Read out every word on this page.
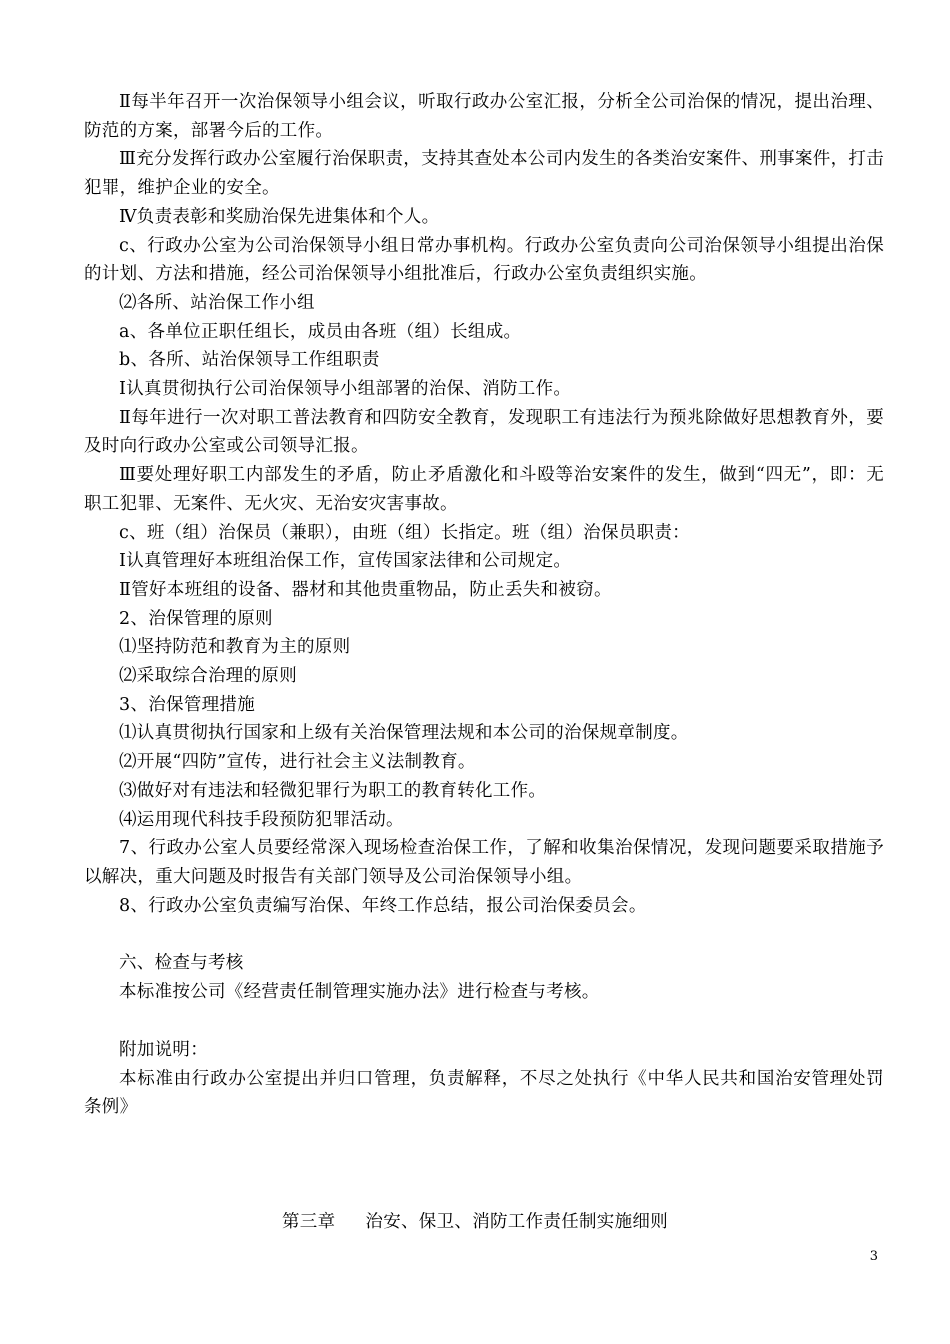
Ⅱ每半年召开一次治保领导小组会议，听取行政办公室汇报，分析全公司治保的情况，提出治理、防范的方案，部署今后的工作。

Ⅲ充分发挥行政办公室履行治保职责，支持其查处本公司内发生的各类治安案件、刑事案件，打击犯罪，维护企业的安全。

Ⅳ负责表彰和奖励治保先进集体和个人。

c、行政办公室为公司治保领导小组日常办事机构。行政办公室负责向公司治保领导小组提出治保的计划、方法和措施，经公司治保领导小组批准后，行政办公室负责组织实施。

⑵各所、站治保工作小组

a、各单位正职任组长，成员由各班（组）长组成。

b、各所、站治保领导工作组职责

Ⅰ认真贯彻执行公司治保领导小组部署的治保、消防工作。

Ⅱ每年进行一次对职工普法教育和四防安全教育，发现职工有违法行为预兆除做好思想教育外，要及时向行政办公室或公司领导汇报。

Ⅲ要处理好职工内部发生的矛盾，防止矛盾激化和斗殴等治安案件的发生，做到“四无”，即：无职工犯罪、无案件、无火灾、无治安灾害事故。

c、班（组）治保员（兼职），由班（组）长指定。班（组）治保员职责：

Ⅰ认真管理好本班组治保工作，宣传国家法律和公司规定。

Ⅱ管好本班组的设备、器材和其他贵重物品，防止丢失和被窃。

2、治保管理的原则

⑴坚持防范和教育为主的原则

⑵采取综合治理的原则

3、治保管理措施

⑴认真贯彻执行国家和上级有关治保管理法规和本公司的治保规章制度。

⑵开展“四防”宣传，进行社会主义法制教育。

⑶做好对有违法和轻微犯罪行为职工的教育转化工作。

⑷运用现代科技手段预防犯罪活动。

7、行政办公室人员要经常深入现场检查治保工作，了解和收集治保情况，发现问题要采取措施予以解决，重大问题及时报告有关部门领导及公司治保领导小组。

8、行政办公室负责编写治保、年终工作总结，报公司治保委员会。

六、检查与考核

本标准按公司《经营责任制管理实施办法》进行检查与考核。

附加说明：

本标准由行政办公室提出并归口管理，负责解释，不尽之处执行《中华人民共和国治安管理处罚条例》

第三章 治安、保卫、消防工作责任制实施细则
3
